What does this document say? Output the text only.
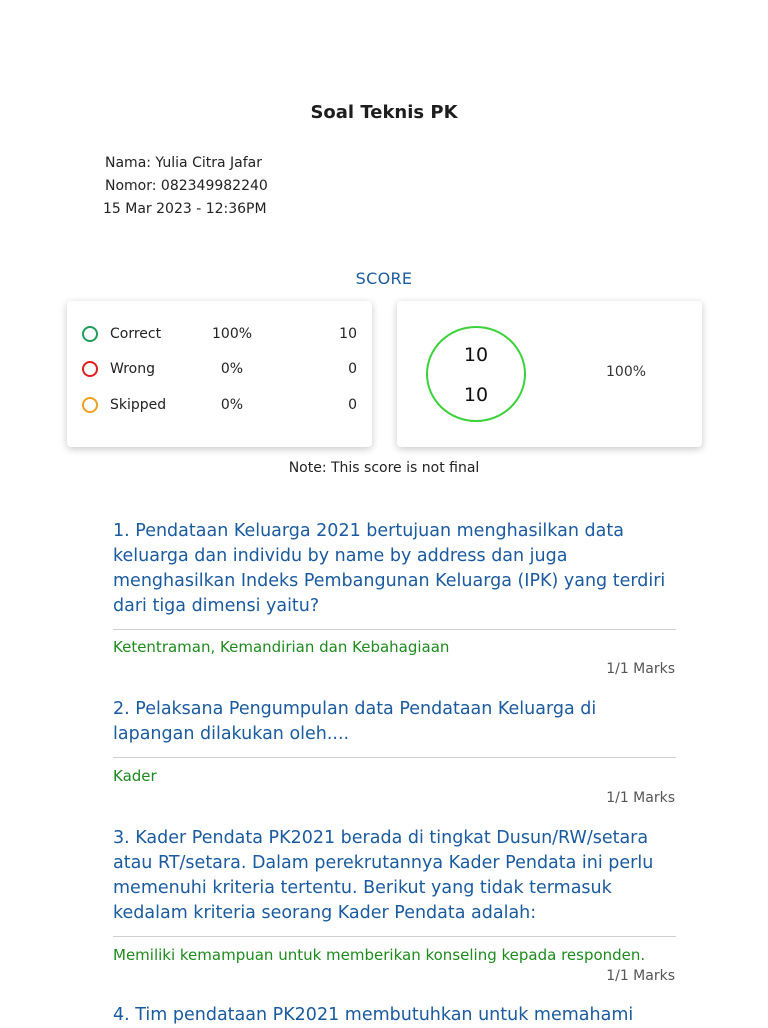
Soal Teknis PK
Nama: Yulia Citra Jafar
Nomor: 082349982240
15 Mar 2023 - 12:36PM
SCORE
Correct	100%	10
Wrong	0%	0
Skipped	0%	0
10
10
100%
Note: This score is not final
1. Pendataan Keluarga 2021 bertujuan menghasilkan data keluarga dan individu by name by address dan juga menghasilkan Indeks Pembangunan Keluarga (IPK) yang terdiri dari tiga dimensi yaitu?
Ketentraman, Kemandirian dan Kebahagiaan
1/1 Marks
2. Pelaksana Pengumpulan data Pendataan Keluarga di lapangan dilakukan oleh....
Kader
1/1 Marks
3. Kader Pendata PK2021 berada di tingkat Dusun/RW/setara atau RT/setara. Dalam perekrutannya Kader Pendata ini perlu memenuhi kriteria tertentu. Berikut yang tidak termasuk kedalam kriteria seorang Kader Pendata adalah:
Memiliki kemampuan untuk memberikan konseling kepada responden.
1/1 Marks
4. Tim pendataan PK2021 membutuhkan untuk memahami
